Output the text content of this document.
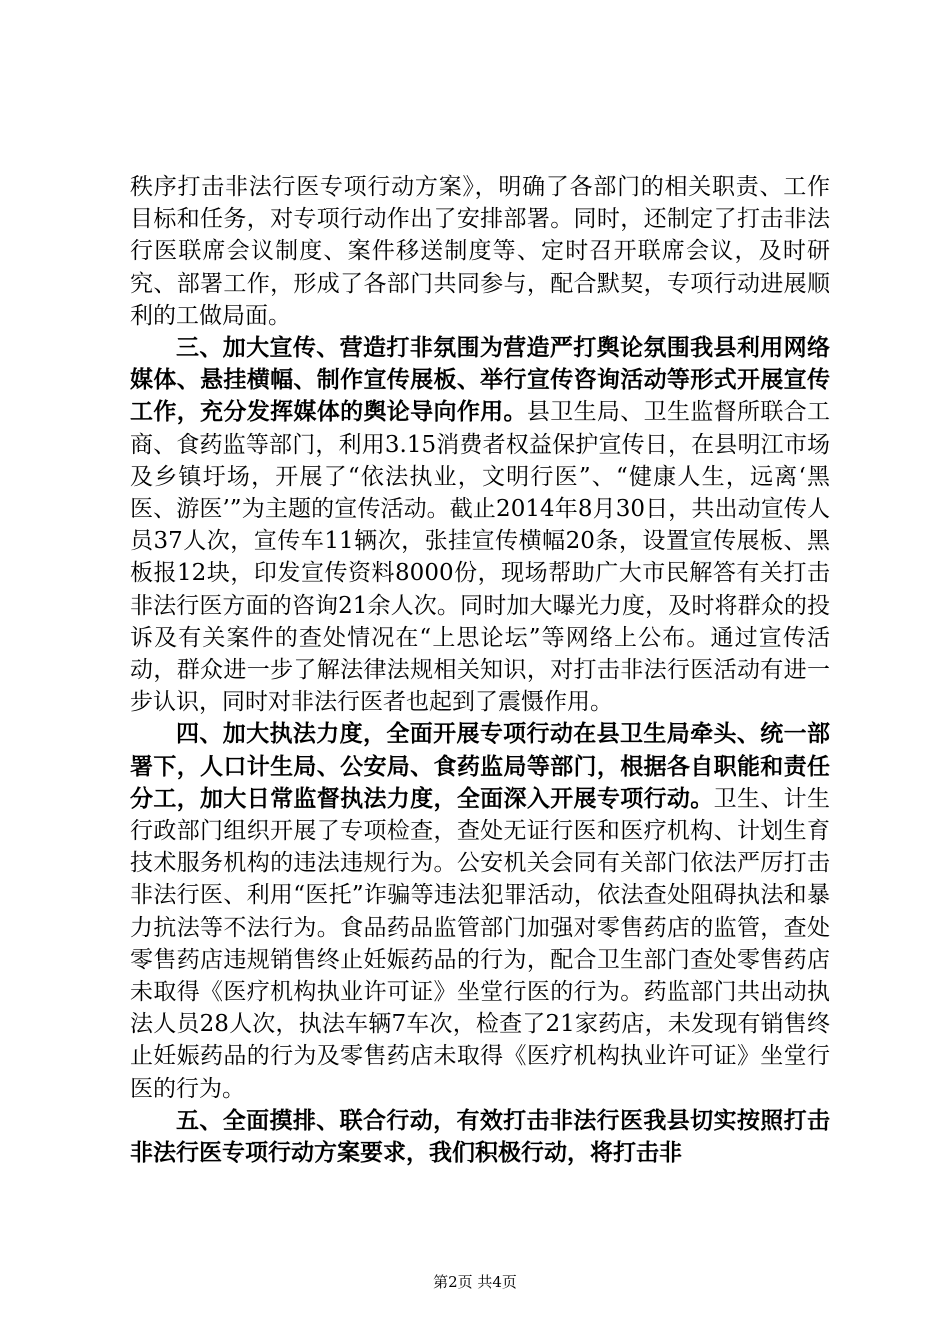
秩序打击非法行医专项行动方案》，明确了各部门的相关职责、工作目标和任务，对专项行动作出了安排部署。同时，还制定了打击非法行医联席会议制度、案件移送制度等、定时召开联席会议，及时研究、部署工作，形成了各部门共同参与，配合默契，专项行动进展顺利的工做局面。

三、加大宣传、营造打非氛围为营造严打舆论氛围我县利用网络媒体、悬挂横幅、制作宣传展板、举行宣传咨询活动等形式开展宣传工作，充分发挥媒体的舆论导向作用。县卫生局、卫生监督所联合工商、食药监等部门，利用3.15消费者权益保护宣传日，在县明江市场及乡镇圩场，开展了“依法执业，文明行医”、“健康人生，远离‘黑医、游医’”为主题的宣传活动。截止2014年8月30日，共出动宣传人员37人次，宣传车11辆次，张挂宣传横幅20条，设置宣传展板、黑板报12块，印发宣传资料8000份，现场帮助广大市民解答有关打击非法行医方面的咨询21余人次。同时加大曝光力度，及时将群众的投诉及有关案件的查处情况在“上思论坛”等网络上公布。通过宣传活动，群众进一步了解法律法规相关知识，对打击非法行医活动有进一步认识，同时对非法行医者也起到了震慑作用。

四、加大执法力度，全面开展专项行动在县卫生局牵头、统一部署下，人口计生局、公安局、食药监局等部门，根据各自职能和责任分工，加大日常监督执法力度，全面深入开展专项行动。卫生、计生行政部门组织开展了专项检查，查处无证行医和医疗机构、计划生育技术服务机构的违法违规行为。公安机关会同有关部门依法严厉打击非法行医、利用“医托”诈骗等违法犯罪活动，依法查处阻碍执法和暴力抗法等不法行为。食品药品监管部门加强对零售药店的监管，查处零售药店违规销售终止妊娠药品的行为，配合卫生部门查处零售药店未取得《医疗机构执业许可证》坐堂行医的行为。药监部门共出动执法人员28人次，执法车辆7车次，检查了21家药店，未发现有销售终止妊娠药品的行为及零售药店未取得《医疗机构执业许可证》坐堂行医的行为。

五、全面摸排、联合行动，有效打击非法行医我县切实按照打击非法行医专项行动方案要求，我们积极行动，将打击非

第2页 共4页
